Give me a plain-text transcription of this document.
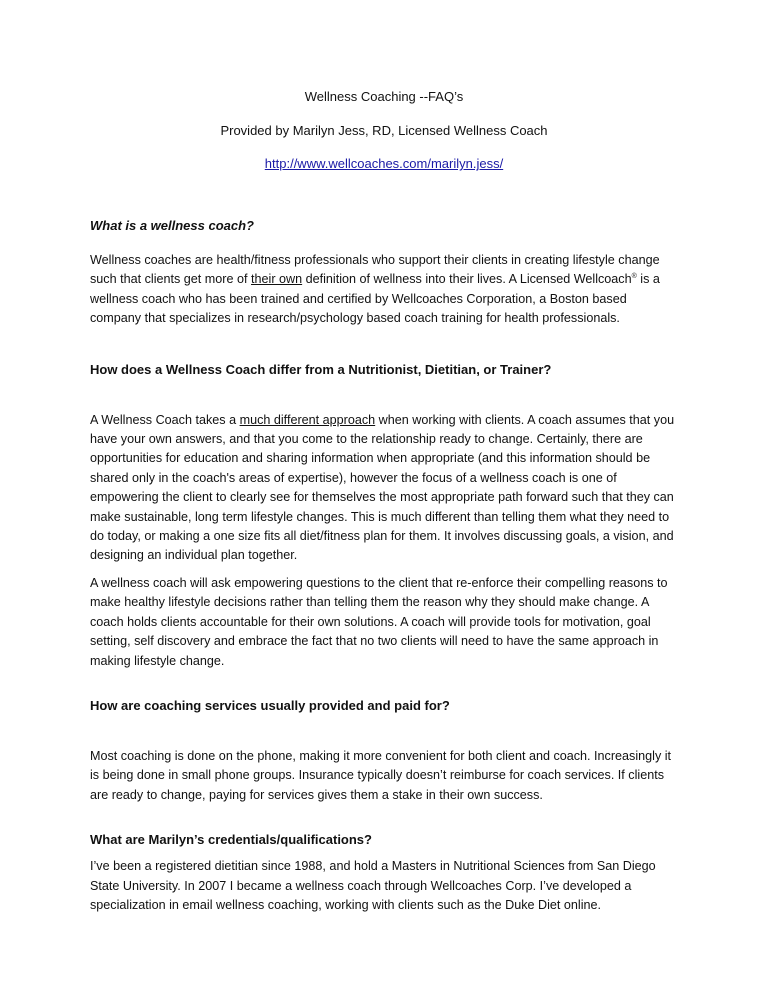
Wellness Coaching --FAQ’s
Provided by Marilyn Jess, RD, Licensed Wellness Coach
http://www.wellcoaches.com/marilyn.jess/
What is a wellness coach?

Wellness coaches are health/fitness professionals who support their clients in creating lifestyle change such that clients get more of their own definition of wellness into their lives. A Licensed Wellcoach® is a wellness coach who has been trained and certified by Wellcoaches Corporation, a Boston based company that specializes in research/psychology based coach training for health professionals.

How does a Wellness Coach differ from a Nutritionist, Dietitian, or Trainer?

A Wellness Coach takes a much different approach when working with clients. A coach assumes that you have your own answers, and that you come to the relationship ready to change. Certainly, there are opportunities for education and sharing information when appropriate (and this information should be shared only in the coach's areas of expertise), however the focus of a wellness coach is one of empowering the client to clearly see for themselves the most appropriate path forward such that they can make sustainable, long term lifestyle changes. This is much different than telling them what they need to do today, or making a one size fits all diet/fitness plan for them. It involves discussing goals, a vision, and designing an individual plan together.

A wellness coach will ask empowering questions to the client that re-enforce their compelling reasons to make healthy lifestyle decisions rather than telling them the reason why they should make change. A coach holds clients accountable for their own solutions. A coach will provide tools for motivation, goal setting, self discovery and embrace the fact that no two clients will need to have the same approach in making lifestyle change.

How are coaching services usually provided and paid for?

Most coaching is done on the phone, making it more convenient for both client and coach. Increasingly it is being done in small phone groups. Insurance typically doesn’t reimburse for coach services. If clients are ready to change, paying for services gives them a stake in their own success.

What are Marilyn’s credentials/qualifications?

I’ve been a registered dietitian since 1988, and hold a Masters in Nutritional Sciences from San Diego State University. In 2007 I became a wellness coach through Wellcoaches Corp. I’ve developed a specialization in email wellness coaching, working with clients such as the Duke Diet online.
